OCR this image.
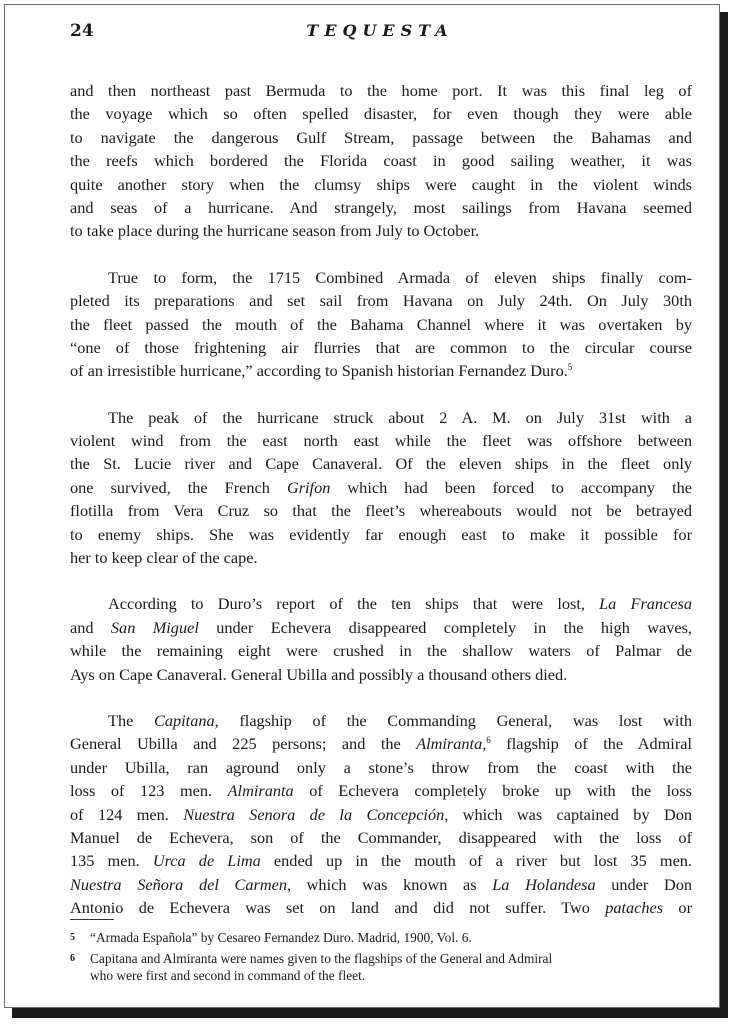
24	TEQUESTA
and then northeast past Bermuda to the home port. It was this final leg of
the voyage which so often spelled disaster, for even though they were able
to navigate the dangerous Gulf Stream, passage between the Bahamas and
the reefs which bordered the Florida coast in good sailing weather, it was
quite another story when the clumsy ships were caught in the violent winds
and seas of a hurricane. And strangely, most sailings from Havana seemed
to take place during the hurricane season from July to October.
True to form, the 1715 Combined Armada of eleven ships finally com-
pleted its preparations and set sail from Havana on July 24th. On July 30th
the fleet passed the mouth of the Bahama Channel where it was overtaken by
“one of those frightening air flurries that are common to the circular course
of an irresistible hurricane,” according to Spanish historian Fernandez Duro.$^5$
The peak of the hurricane struck about 2 A. M. on July 31st with a
violent wind from the east north east while the fleet was offshore between
the St. Lucie river and Cape Canaveral. Of the eleven ships in the fleet only
one survived, the French Grifon which had been forced to accompany the
flotilla from Vera Cruz so that the fleet’s whereabouts would not be betrayed
to enemy ships. She was evidently far enough east to make it possible for
her to keep clear of the cape.
According to Duro’s report of the ten ships that were lost, La Francesa
and San Miguel under Echevera disappeared completely in the high waves,
while the remaining eight were crushed in the shallow waters of Palmar de
Ays on Cape Canaveral. General Ubilla and possibly a thousand others died.
The Capitana, flagship of the Commanding General, was lost with
General Ubilla and 225 persons; and the Almiranta,$^6$ flagship of the Admiral
under Ubilla, ran aground only a stone’s throw from the coast with the
loss of 123 men. Almiranta of Echevera completely broke up with the loss
of 124 men. Nuestra Senora de la Concepción, which was captained by Don
Manuel de Echevera, son of the Commander, disappeared with the loss of
135 men. Urca de Lima ended up in the mouth of a river but lost 35 men.
Nuestra Señora del Carmen, which was known as La Holandesa under Don
Antonio de Echevera was set on land and did not suffer. Two pataches or
5 “Armada Española” by Cesareo Fernandez Duro. Madrid, 1900, Vol. 6.
6 Capitana and Almiranta were names given to the flagships of the General and Admiral
who were first and second in command of the fleet.
